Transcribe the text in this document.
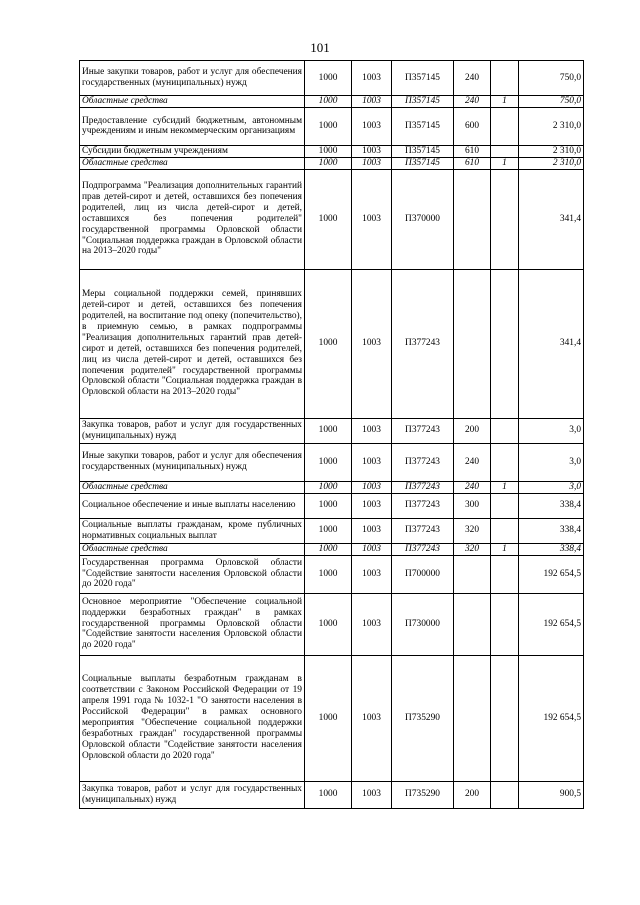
101
Иные закупки товаров, работ и услуг для обеспечения государственных (муниципальных) нужд	1000	1003	П357145	240		750,0
Областные средства	1000	1003	П357145	240	1	750,0
Предоставление субсидий бюджетным, автономным учреждениям и иным некоммерческим организациям	1000	1003	П357145	600		2 310,0
Субсидии бюджетным учреждениям	1000	1003	П357145	610		2 310,0
Областные средства	1000	1003	П357145	610	1	2 310,0
Подпрограмма "Реализация дополнительных гарантий прав детей-сирот и детей, оставшихся без попечения родителей, лиц из числа детей-сирот и детей, оставшихся без попечения родителей" государственной программы Орловской области "Социальная поддержка граждан в Орловской области на 2013–2020 годы"	1000	1003	П370000			341,4
Меры социальной поддержки семей, принявших детей-сирот и детей, оставшихся без попечения родителей, на воспитание под опеку (попечительство), в приемную семью, в рамках подпрограммы "Реализация дополнительных гарантий прав детей-сирот и детей, оставшихся без попечения родителей, лиц из числа детей-сирот и детей, оставшихся без попечения родителей" государственной программы Орловской области "Социальная поддержка граждан в Орловской области на 2013–2020 годы"	1000	1003	П377243			341,4
Закупка товаров, работ и услуг для государственных (муниципальных) нужд	1000	1003	П377243	200		3,0
Иные закупки товаров, работ и услуг для обеспечения государственных (муниципальных) нужд	1000	1003	П377243	240		3,0
Областные средства	1000	1003	П377243	240	1	3,0
Социальное обеспечение и иные выплаты населению	1000	1003	П377243	300		338,4
Социальные выплаты гражданам, кроме публичных нормативных социальных выплат	1000	1003	П377243	320		338,4
Областные средства	1000	1003	П377243	320	1	338,4
Государственная программа Орловской области "Содействие занятости населения Орловской области до 2020 года"	1000	1003	П700000			192 654,5
Основное мероприятие "Обеспечение социальной поддержки безработных граждан" в рамках государственной программы Орловской области "Содействие занятости населения Орловской области до 2020 года"	1000	1003	П730000			192 654,5
Социальные выплаты безработным гражданам в соответствии с Законом Российской Федерации от 19 апреля 1991 года № 1032-1 "О занятости населения в Российской Федерации" в рамках основного мероприятия "Обеспечение социальной поддержки безработных граждан" государственной программы Орловской области "Содействие занятости населения Орловской области до 2020 года"	1000	1003	П735290			192 654,5
Закупка товаров, работ и услуг для государственных (муниципальных) нужд	1000	1003	П735290	200		900,5
